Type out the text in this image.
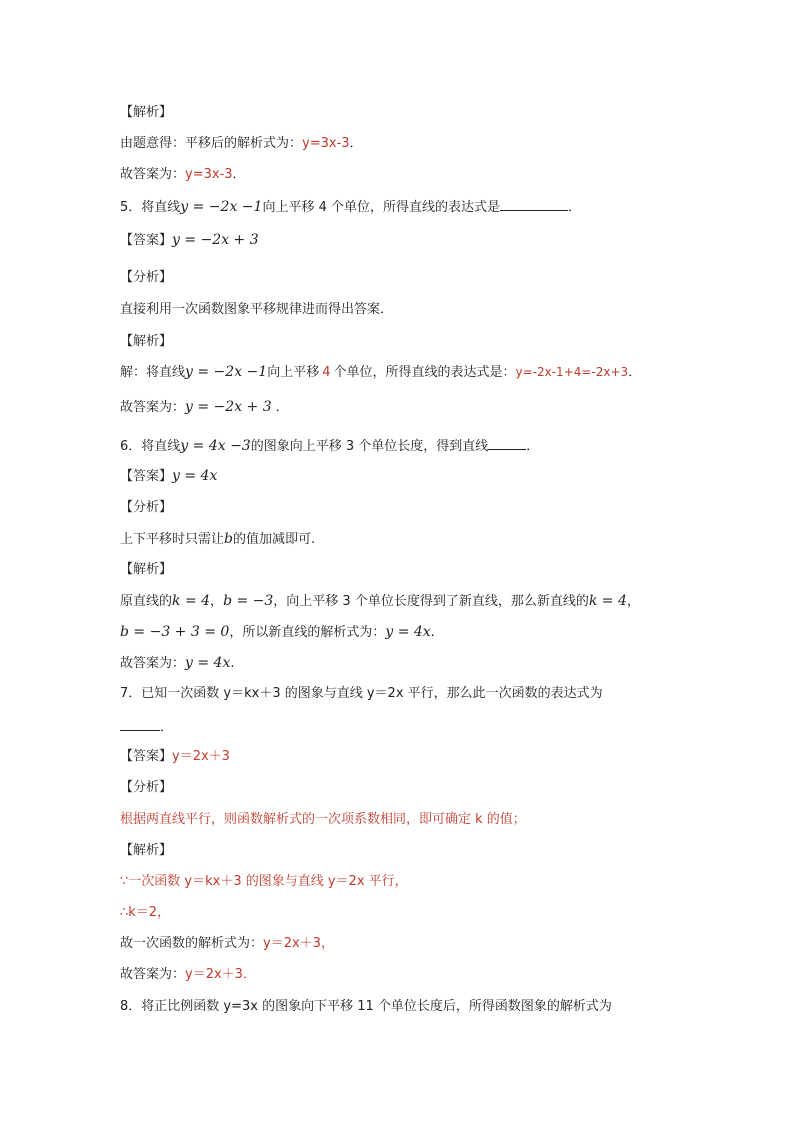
【解析】
由题意得：平移后的解析式为：y=3x-3．
故答案为：y=3x-3．
5．将直线y = −2x −1向上平移 4 个单位，所得直线的表达式是	．
【答案】y = −2x + 3
【分析】
直接利用一次函数图象平移规律进而得出答案．
【解析】
解：将直线y = −2x −1向上平移 4 个单位，所得直线的表达式是：y=-2x-1+4=-2x+3．
故答案为：y = −2x + 3 ．
6．将直线y = 4x −3的图象向上平移 3 个单位长度，得到直线	．
【答案】y = 4x
【分析】
上下平移时只需让b的值加减即可.
【解析】
原直线的k = 4，b = −3，向上平移 3 个单位长度得到了新直线，那么新直线的k = 4，
b = −3 + 3 = 0，所以新直线的解析式为：y = 4x.
故答案为：y = 4x.
7．已知一次函数 y＝kx＋3 的图象与直线 y＝2x 平行，那么此一次函数的表达式为
．
【答案】y＝2x＋3
【分析】
根据两直线平行，则函数解析式的一次项系数相同，即可确定 k 的值；
【解析】
∵一次函数 y＝kx＋3 的图象与直线 y＝2x 平行，
∴k＝2，
故一次函数的解析式为：y＝2x＋3，
故答案为：y＝2x＋3．
8．将正比例函数 y=3x 的图象向下平移 11 个单位长度后，所得函数图象的解析式为
